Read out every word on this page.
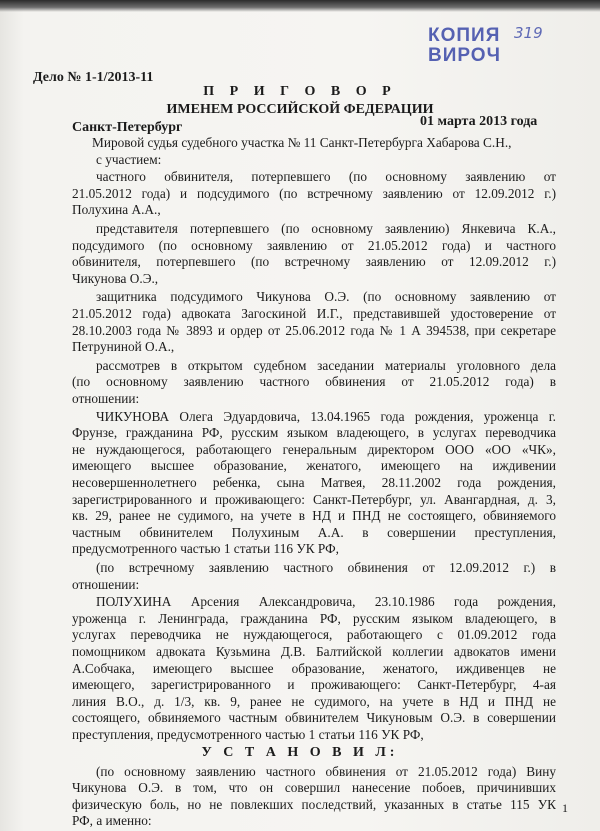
КОПИЯ
ВИРОЧ
319
Дело № 1-1/2013-11
П Р И Г О В О Р
ИМЕНЕМ РОССИЙСКОЙ ФЕДЕРАЦИИ
01 марта 2013 года
Санкт-Петербург
Мировой судья судебного участка № 11 Санкт-Петербурга Хабарова С.Н.,
с участием:
частного обвинителя, потерпевшего (по основному заявлению от
21.05.2012 года) и подсудимого (по встречному заявлению от 12.09.2012 г.)
Полухина А.А.,
представителя потерпевшего (по основному заявлению) Янкевича К.А.,
подсудимого (по основному заявлению от 21.05.2012 года) и частного
обвинителя, потерпевшего (по встречному заявлению от 12.09.2012 г.)
Чикунова О.Э.,
защитника подсудимого Чикунова О.Э. (по основному заявлению от
21.05.2012 года) адвоката Загоскиной И.Г., представившей удостоверение от
28.10.2003 года № 3893 и ордер от 25.06.2012 года № 1 А 394538, при секретаре
Петруниной О.А.,
рассмотрев в открытом судебном заседании материалы уголовного дела
(по основному заявлению частного обвинения от 21.05.2012 года) в
отношении:
ЧИКУНОВА Олега Эдуардовича, 13.04.1965 года рождения, уроженца г.
Фрунзе, гражданина РФ, русским языком владеющего, в услугах переводчика
не нуждающегося, работающего генеральным директором ООО «ОО «ЧК»,
имеющего высшее образование, женатого, имеющего на иждивении
несовершеннолетнего ребенка, сына Матвея, 28.11.2002 года рождения,
зарегистрированного и проживающего: Санкт-Петербург, ул. Авангардная, д. 3,
кв. 29, ранее не судимого, на учете в НД и ПНД не состоящего, обвиняемого
частным обвинителем Полухиным А.А. в совершении преступления,
предусмотренного частью 1 статьи 116 УК РФ,
(по встречному заявлению частного обвинения от 12.09.2012 г.) в
отношении:
ПОЛУХИНА Арсения Александровича, 23.10.1986 года рождения,
уроженца г. Ленинграда, гражданина РФ, русским языком владеющего, в
услугах переводчика не нуждающегося, работающего с 01.09.2012 года
помощником адвоката Кузьмина Д.В. Балтийской коллегии адвокатов имени
А.Собчака, имеющего высшее образование, женатого, иждивенцев не
имеющего, зарегистрированного и проживающего: Санкт-Петербург, 4-ая
линия В.О., д. 1/3, кв. 9, ранее не судимого, на учете в НД и ПНД не
состоящего, обвиняемого частным обвинителем Чикуновым О.Э. в совершении
преступления, предусмотренного частью 1 статьи 116 УК РФ,
У С Т А Н О В И Л:
1
(по основному заявлению частного обвинения от 21.05.2012 года) Вину
Чикунова О.Э. в том, что он совершил нанесение побоев, причинивших
физическую боль, но не повлекших последствий, указанных в статье 115 УК
РФ, а именно:
